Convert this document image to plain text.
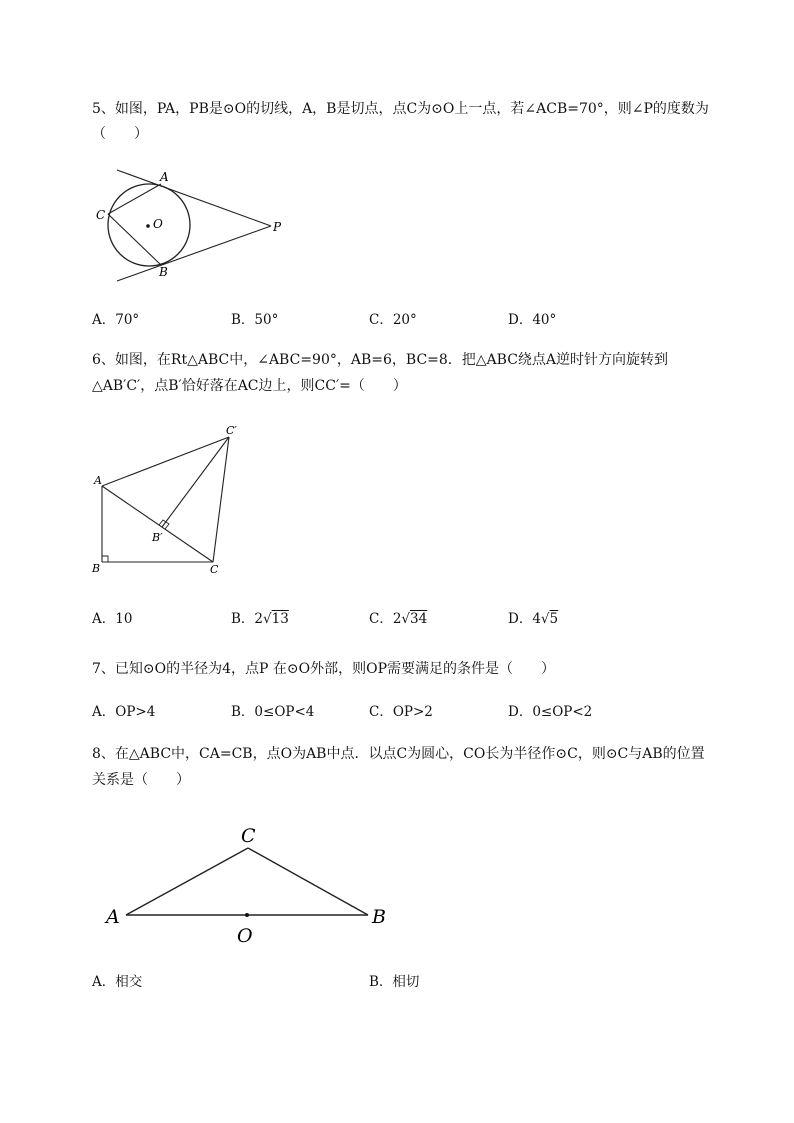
5、如图，PA，PB是⊙O的切线，A，B是切点，点C为⊙O上一点，若∠ACB=70°，则∠P的度数为
（　　）
A
C
O	P
B
A．70°	B．50°	C．20°	D．40°
6、如图，在Rt△ABC中，∠ABC=90°，AB=6，BC=8．把△ABC绕点A逆时针方向旋转到
△AB′C′，点B′恰好落在AC边上，则CC′=（　　）
C′
A
B′
B	C
A．10	B．2√13	C．2√34	D．4√5
7、已知⊙O的半径为4，点P 在⊙O外部，则OP需要满足的条件是（　　）
A．OP>4	B．0≤OP<4	C．OP>2	D．0≤OP<2
8、在△ABC中，CA=CB，点O为AB中点．以点C为圆心，CO长为半径作⊙C，则⊙C与AB的位置
关系是（　　）
C
A	B
O
A．相交	B．相切
